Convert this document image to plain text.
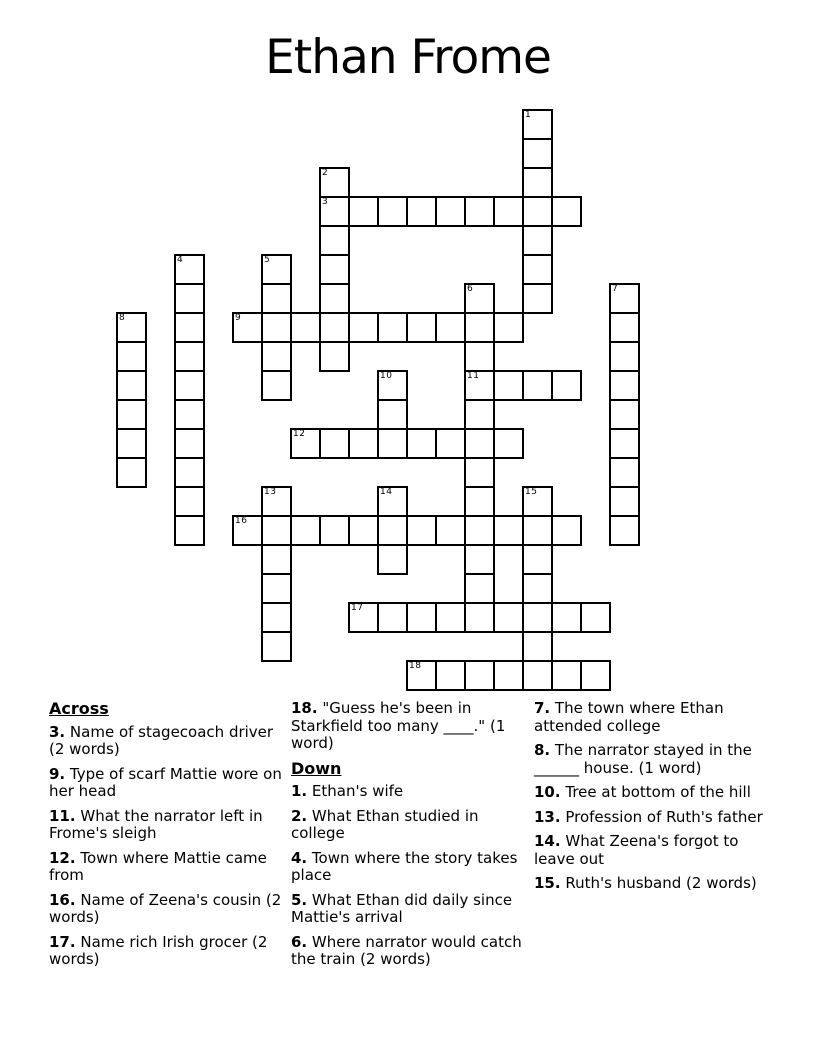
Ethan Frome
3
9
11
12
16
17
18
1
2
4	5
6	7
8
10
13	14	15
Across

3. Name of stagecoach driver (2 words)

9. Type of scarf Mattie wore on her head

11. What the narrator left in Frome's sleigh

12. Town where Mattie came from

16. Name of Zeena's cousin (2 words)

17. Name rich Irish grocer (2 words)

18. "Guess he's been in Starkfield too many ____." (1 word)

Down

1. Ethan's wife

2. What Ethan studied in college

4. Town where the story takes place

5. What Ethan did daily since Mattie's arrival

6. Where narrator would catch the train (2 words)

7. The town where Ethan attended college

8. The narrator stayed in the ______ house. (1 word)

10. Tree at bottom of the hill

13. Profession of Ruth's father

14. What Zeena's forgot to leave out

15. Ruth's husband (2 words)
